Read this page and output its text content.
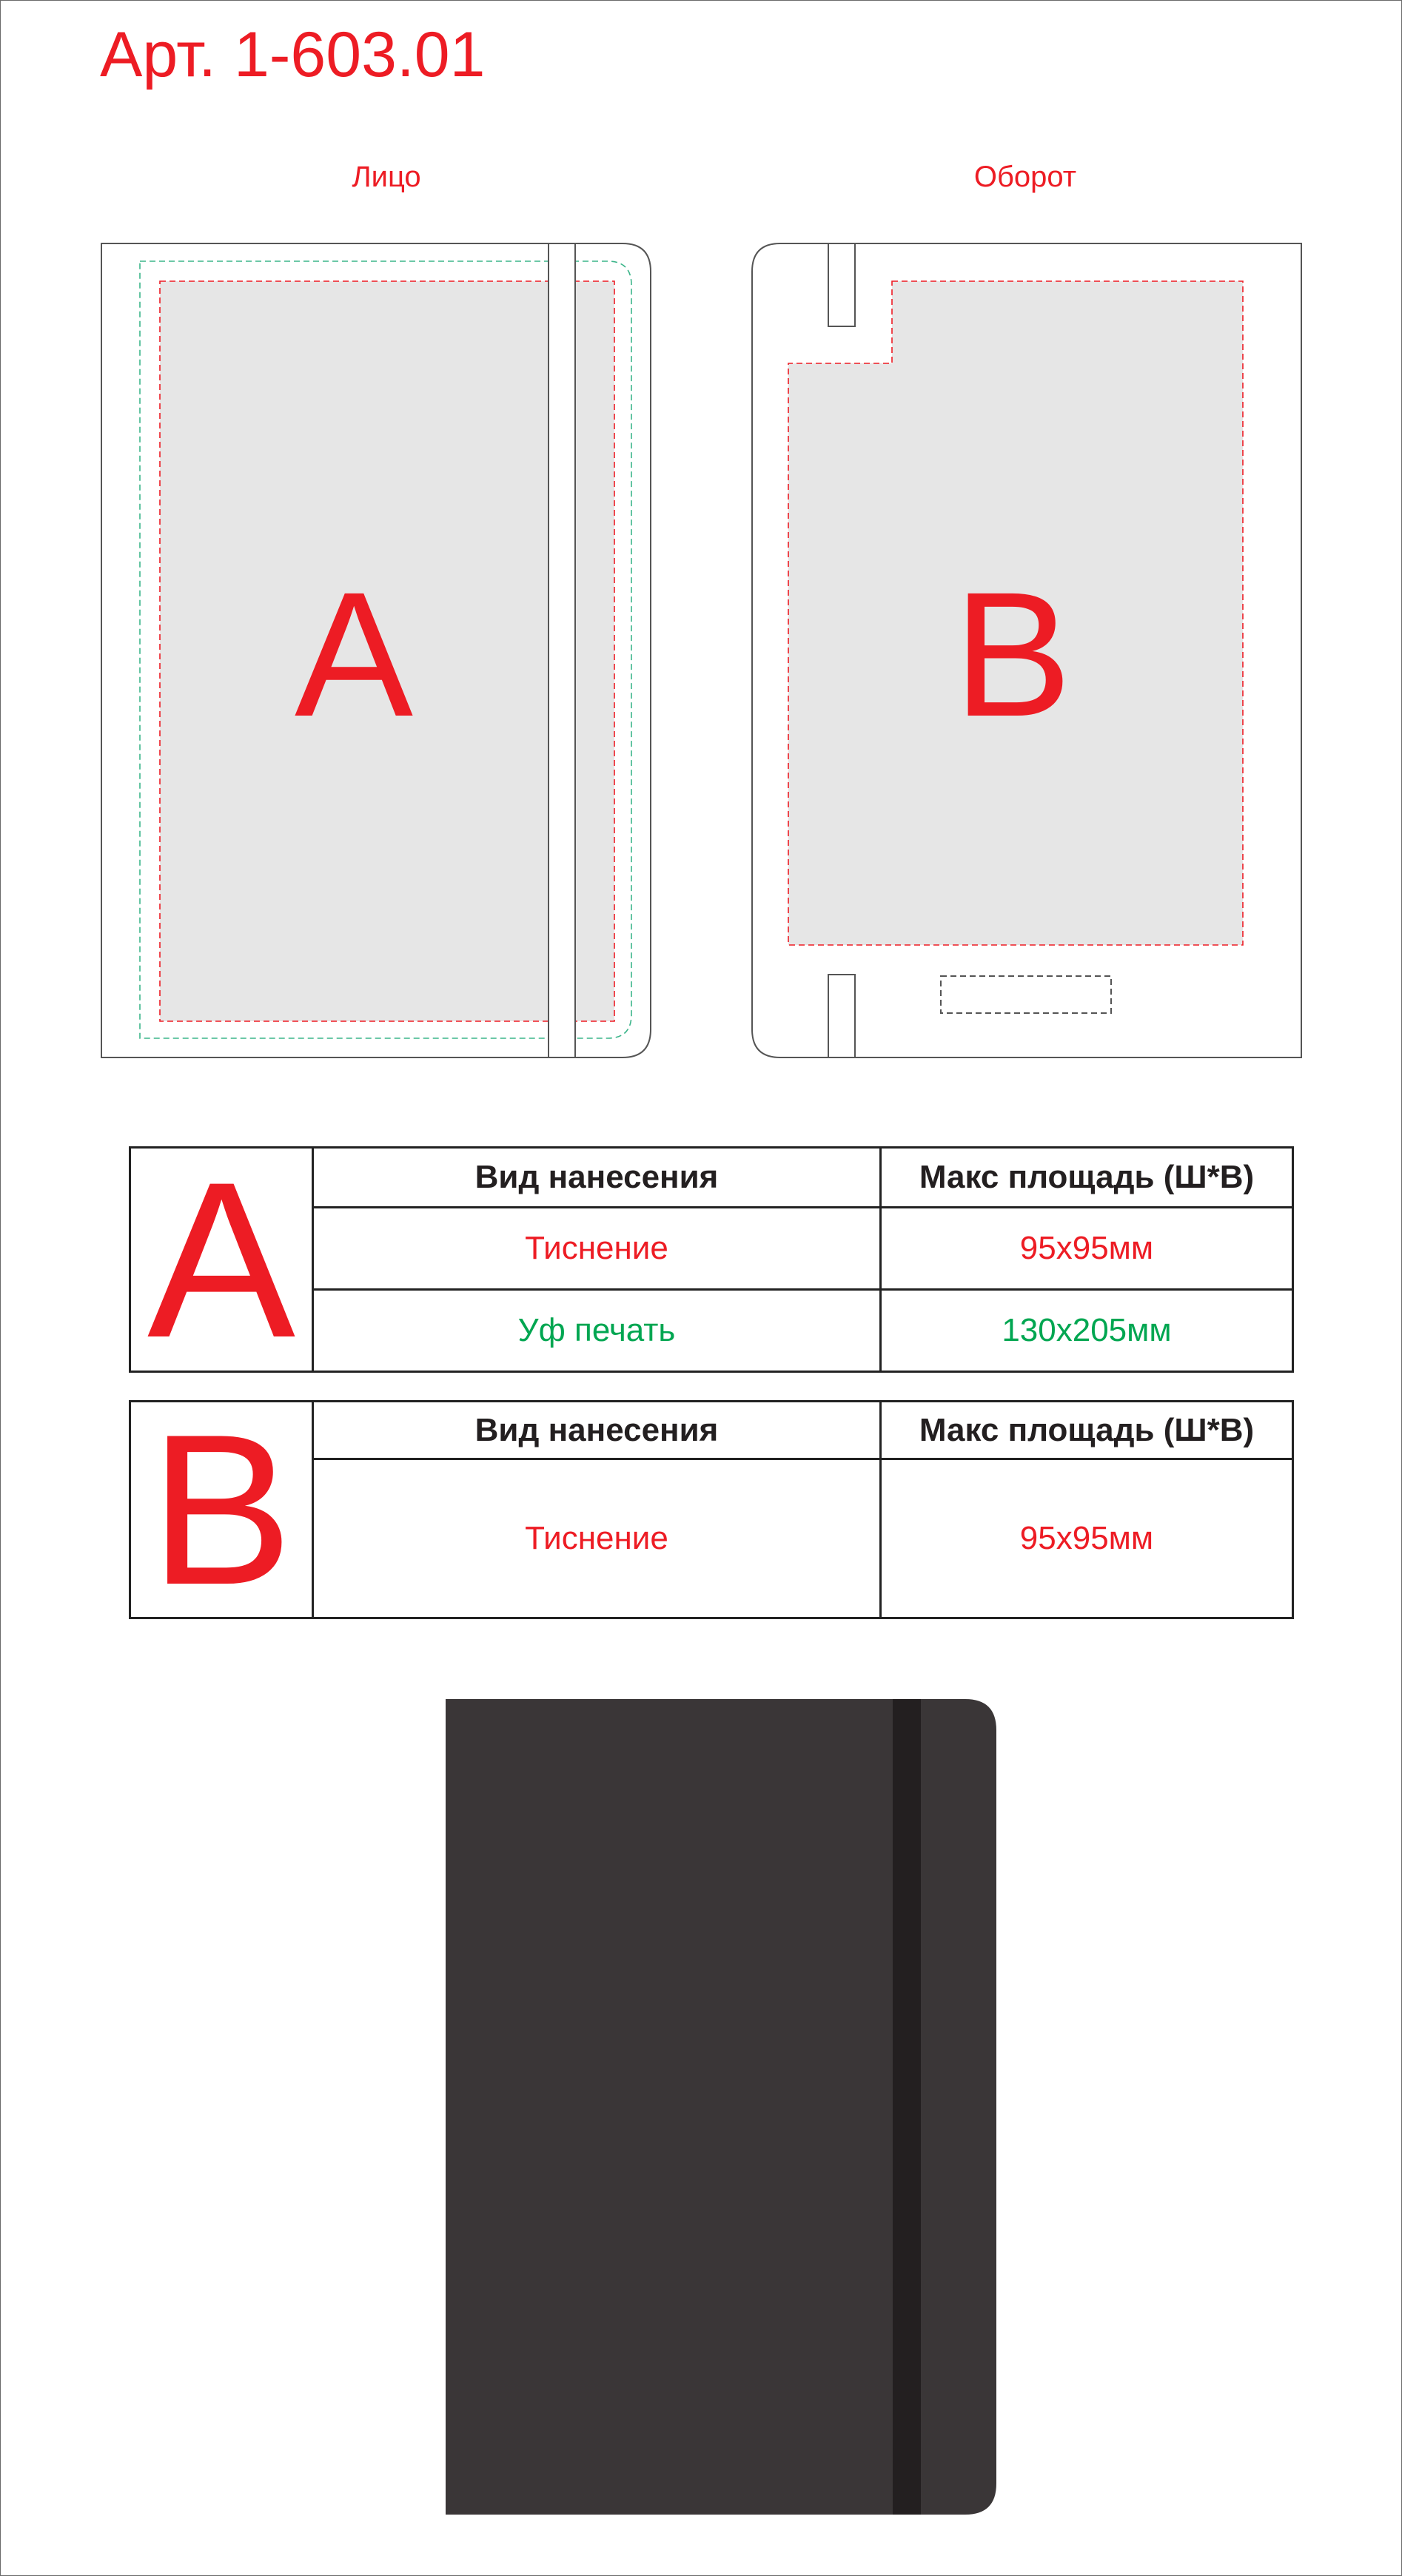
Арт. 1-603.01
Лицо	Оборот
A	B
A	Вид нанесения	Макс площадь (Ш*В)
	Тиснение	95х95мм
	Уф печать	130х205мм
B	Вид нанесения	Макс площадь (Ш*В)
	Тиснение	95х95мм
